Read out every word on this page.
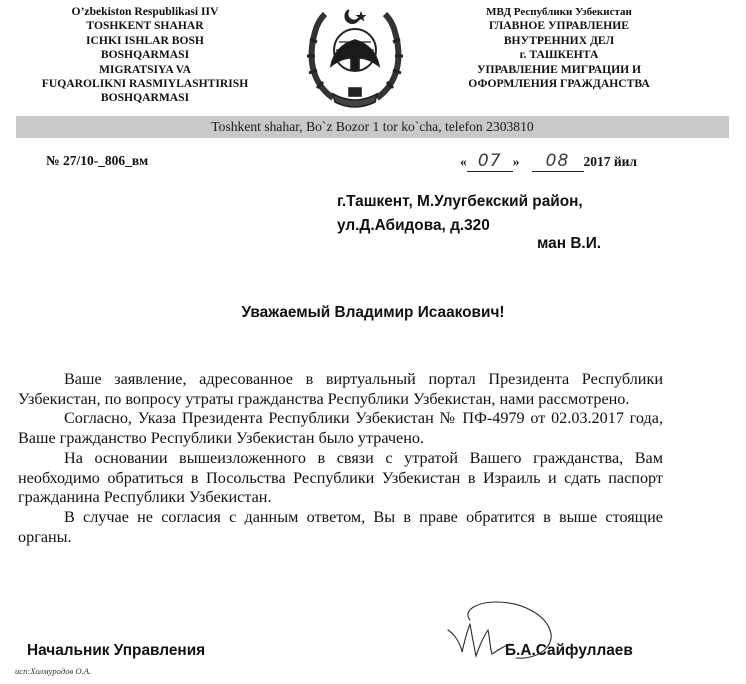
O’zbekiston Respublikasi IIV
TOSHKENT SHAHAR
ICHKI ISHLAR BOSH
BOSHQARMASI
MIGRATSIYA VA
FUQAROLIKNI RASMIYLASHTIRISH
BOSHQARMASI
МВД Республики Узбекистан
ГЛАВНОЕ УПРАВЛЕНИЕ
ВНУТРЕННИХ ДЕЛ
г. ТАШКЕНТА
УПРАВЛЕНИЕ МИГРАЦИИ И
ОФОРМЛЕНИЯ ГРАЖДАНСТВА
Toshkent shahar, Bo`z Bozor 1 tor ko`cha, telefon 2303810
№ 27/10-_806_вм	« 07 » 08 2017 йил
г.Ташкент, М.Улугбекский район,
ул.Д.Абидова, д.320
ман В.И.
Уважаемый Владимир Исаакович!

Ваше заявление, адресованное в виртуальный портал Президента Республики Узбекистан, по вопросу утраты гражданства Республики Узбекистан, нами рассмотрено.

Согласно, Указа Президента Республики Узбекистан № ПФ-4979 от 02.03.2017 года, Ваше гражданство Республики Узбекистан было утрачено.

На основании вышеизложенного в связи с утратой Вашего гражданства, Вам необходимо обратиться в Посольства Республики Узбекистан в Израиль и сдать паспорт гражданина Республики Узбекистан.

В случае не согласия с данным ответом, Вы в праве обратится в выше стоящие органы.

Начальник Управления	Б.А.Сайфуллаев
исп:Холмуродов О.А.
